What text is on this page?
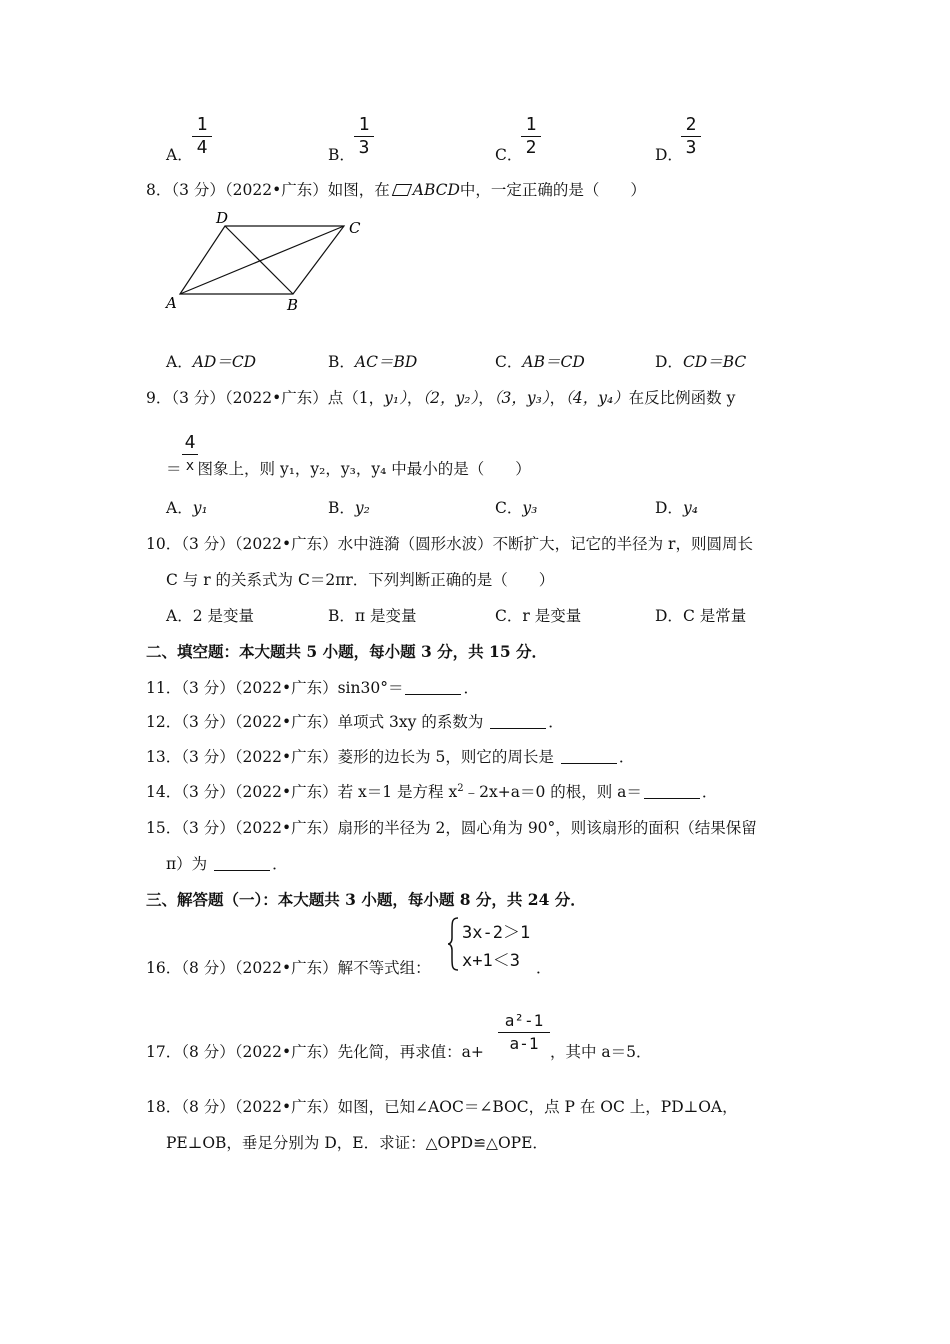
A．
1
4	B．
1
3	C．
1
2	D．
2
3
8．（3 分）（2022•广东）如图，在 ABCD中，一定正确的是（　　）
D
C
A	B
A．AD＝CD	B．AC＝BD	C．AB＝CD	D．CD＝BC
9．（3 分）（2022•广东）点（1，y₁），（2，y₂），（3，y₃），（4，y₄）在反比例函数 y
4
x
＝ 图象上，则 y₁，y₂，y₃，y₄ 中最小的是（　　）
A．y₁	B．y₂	C．y₃	D．y₄
10．（3 分）（2022•广东）水中涟漪（圆形水波）不断扩大，记它的半径为 r，则圆周长
C 与 r 的关系式为 C＝2πr．下列判断正确的是（　　）
A．2 是变量	B．π 是变量	C．r 是变量	D．C 是常量
二、填空题：本大题共 5 小题，每小题 3 分，共 15 分．
11．（3 分）（2022•广东）sin30°＝	．
12．（3 分）（2022•广东）单项式 3xy 的系数为	．
13．（3 分）（2022•广东）菱形的边长为 5，则它的周长是	．
14．（3 分）（2022•广东）若 x＝1 是方程 $x^2﹣2x+a=0$ 的根，则 a＝	．
15．（3 分）（2022•广东）扇形的半径为 2，圆心角为 90°，则该扇形的面积（结果保留
π）为	．
三、解答题（一）：本大题共 3 小题，每小题 8 分，共 24 分．
16．（8 分）（2022•广东）解不等式组：
3x-2＞1
x+1＜3 ．
17．（8 分）（2022•广东）先化简，再求值：a+
a²-1
a-1 ，其中 a＝5．
18．（8 分）（2022•广东）如图，已知∠AOC＝∠BOC，点 P 在 OC 上，PD⊥OA，
PE⊥OB，垂足分别为 D，E．求证：△OPD≌△OPE．
